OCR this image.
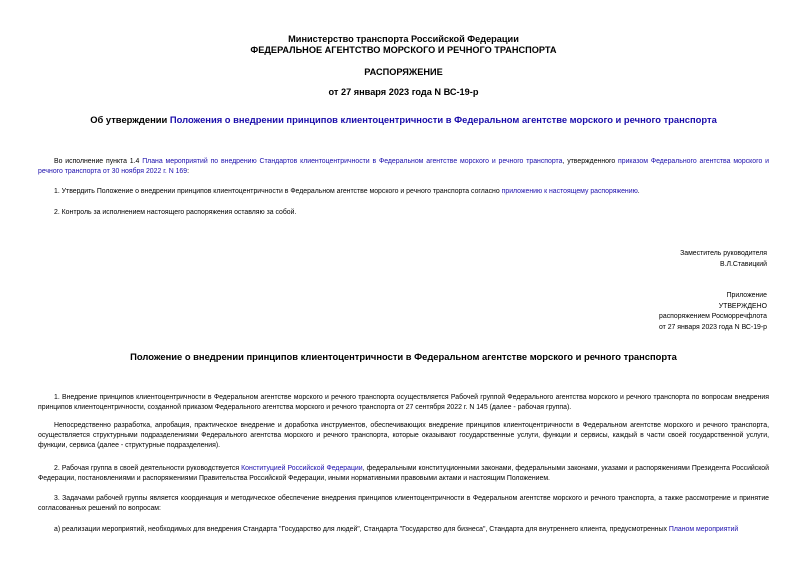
Министерство транспорта Российской Федерации
ФЕДЕРАЛЬНОЕ АГЕНТСТВО МОРСКОГО И РЕЧНОГО ТРАНСПОРТА
РАСПОРЯЖЕНИЕ
от 27 января 2023 года N ВС-19-р
Об утверждении Положения о внедрении принципов клиентоцентричности в Федеральном агентстве морского и речного транспорта
Во исполнение пункта 1.4 Плана мероприятий по внедрению Стандартов клиентоцентричности в Федеральном агентстве морского и речного транспорта, утвержденного приказом Федерального агентства морского и речного транспорта от 30 ноября 2022 г. N 169:
1. Утвердить Положение о внедрении принципов клиентоцентричности в Федеральном агентстве морского и речного транспорта согласно приложению к настоящему распоряжению.
2. Контроль за исполнением настоящего распоряжения оставляю за собой.
Заместитель руководителя
В.Л.Ставицкий
Приложение
УТВЕРЖДЕНО
распоряжением Росморречфлота
от 27 января 2023 года N ВС-19-р
Положение о внедрении принципов клиентоцентричности в Федеральном агентстве морского и речного транспорта
1. Внедрение принципов клиентоцентричности в Федеральном агентстве морского и речного транспорта осуществляется Рабочей группой Федерального агентства морского и речного транспорта по вопросам внедрения принципов клиентоцентричности, созданной приказом Федерального агентства морского и речного транспорта от 27 сентября 2022 г. N 145 (далее - рабочая группа).
Непосредственно разработка, апробация, практическое внедрение и доработка инструментов, обеспечивающих внедрение принципов клиентоцентричности в Федеральном агентстве морского и речного транспорта, осуществляется структурными подразделениями Федерального агентства морского и речного транспорта, которые оказывают государственные услуги, функции и сервисы, каждый в части своей государственной услуги, функции, сервиса (далее - структурные подразделения).
2. Рабочая группа в своей деятельности руководствуется Конституцией Российской Федерации, федеральными конституционными законами, федеральными законами, указами и распоряжениями Президента Российской Федерации, постановлениями и распоряжениями Правительства Российской Федерации, иными нормативными правовыми актами и настоящим Положением.
3. Задачами рабочей группы является координация и методическое обеспечение внедрения принципов клиентоцентричности в Федеральном агентстве морского и речного транспорта, а также рассмотрение и принятие согласованных решений по вопросам:
а) реализации мероприятий, необходимых для внедрения Стандарта "Государство для людей", Стандарта "Государство для бизнеса", Стандарта для внутреннего клиента, предусмотренных Планом мероприятий
